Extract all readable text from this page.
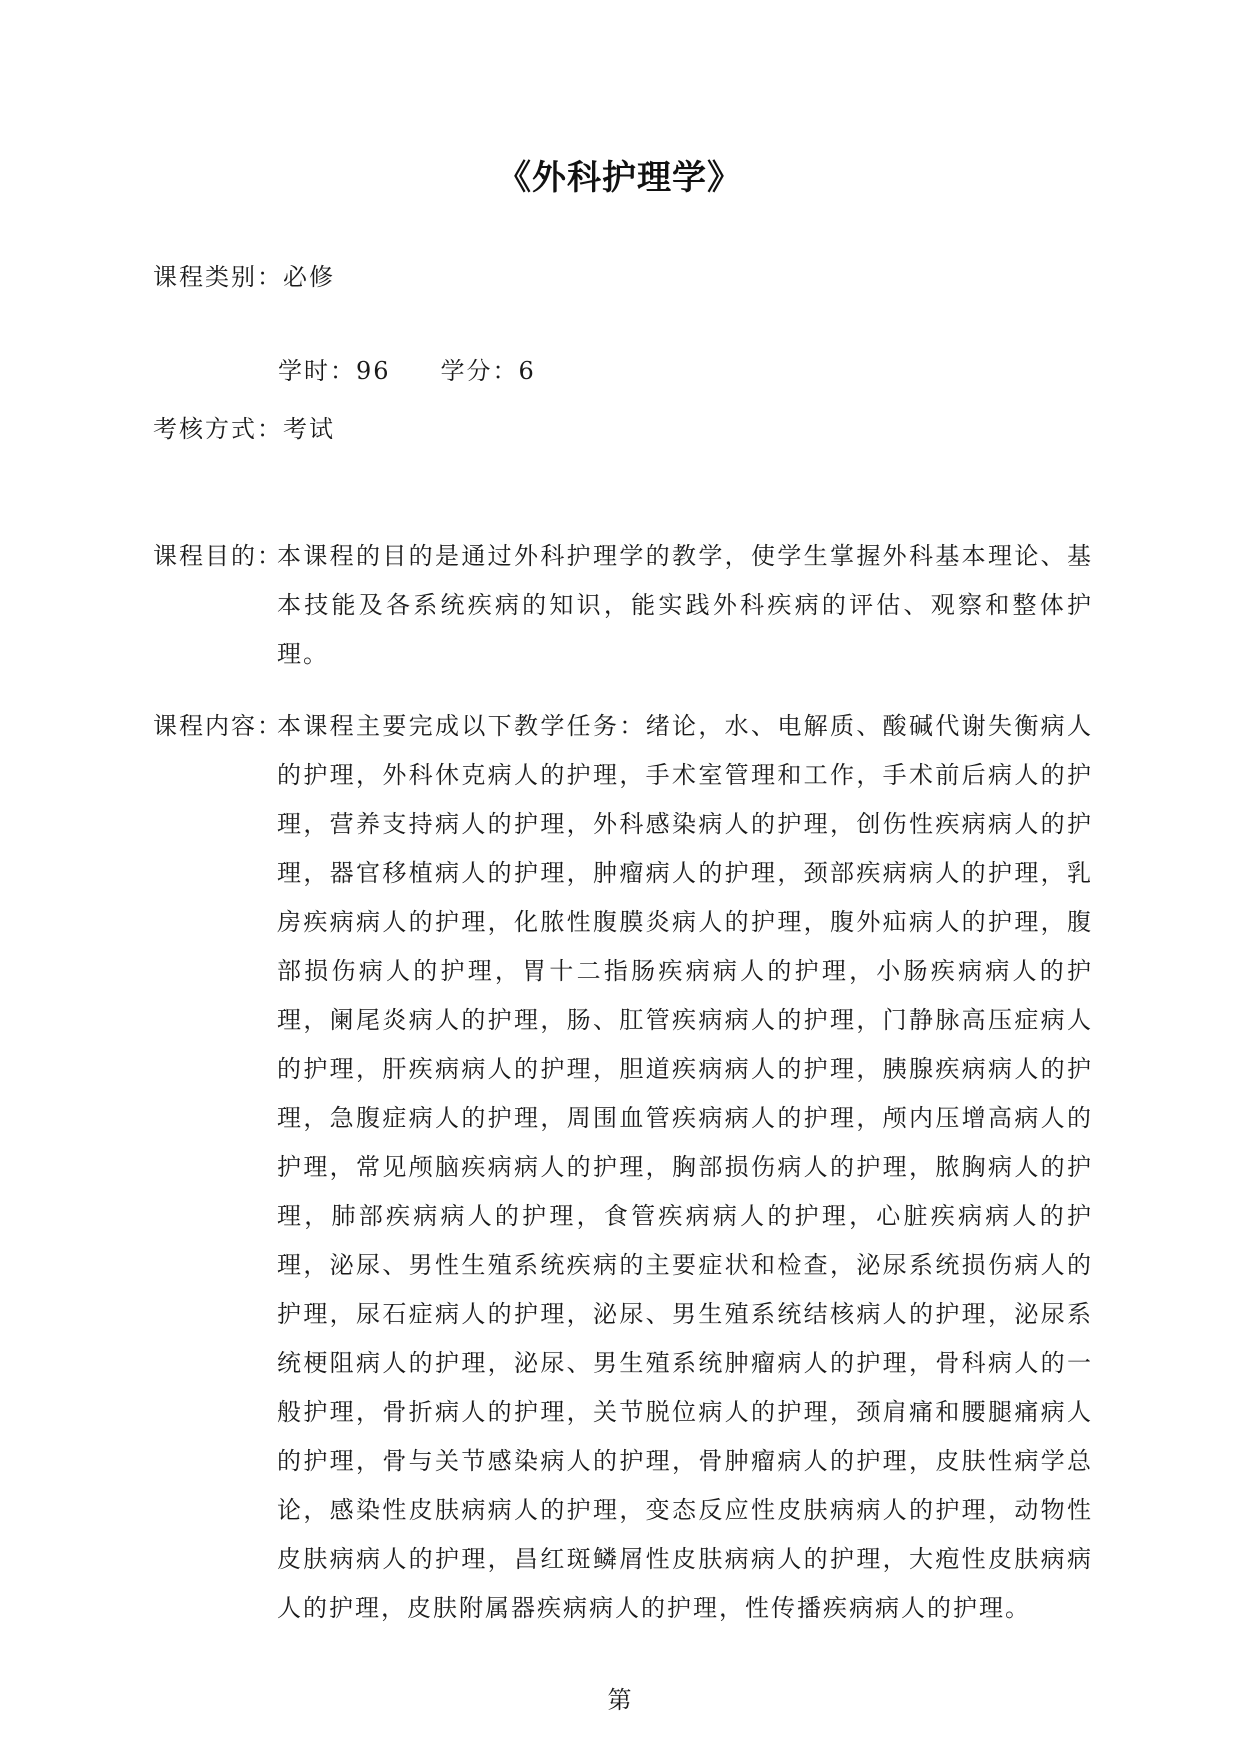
《外科护理学》
课程类别：必修
学时：96 学分：6
考核方式：考试
课程目的：
本课程的目的是通过外科护理学的教学，使学生掌握外科基本理论、基本技能及各系统疾病的知识，能实践外科疾病的评估、观察和整体护理。
课程内容：
本课程主要完成以下教学任务：绪论，水、电解质、酸碱代谢失衡病人的护理，外科休克病人的护理，手术室管理和工作，手术前后病人的护理，营养支持病人的护理，外科感染病人的护理，创伤性疾病病人的护理，器官移植病人的护理，肿瘤病人的护理，颈部疾病病人的护理，乳房疾病病人的护理，化脓性腹膜炎病人的护理，腹外疝病人的护理，腹部损伤病人的护理，胃十二指肠疾病病人的护理，小肠疾病病人的护理，阑尾炎病人的护理，肠、肛管疾病病人的护理，门静脉高压症病人的护理，肝疾病病人的护理，胆道疾病病人的护理，胰腺疾病病人的护理，急腹症病人的护理，周围血管疾病病人的护理，颅内压增高病人的护理，常见颅脑疾病病人的护理，胸部损伤病人的护理，脓胸病人的护理，肺部疾病病人的护理，食管疾病病人的护理，心脏疾病病人的护理，泌尿、男性生殖系统疾病的主要症状和检查，泌尿系统损伤病人的护理，尿石症病人的护理，泌尿、男生殖系统结核病人的护理，泌尿系统梗阻病人的护理，泌尿、男生殖系统肿瘤病人的护理，骨科病人的一般护理，骨折病人的护理，关节脱位病人的护理，颈肩痛和腰腿痛病人的护理，骨与关节感染病人的护理，骨肿瘤病人的护理，皮肤性病学总论，感染性皮肤病病人的护理，变态反应性皮肤病病人的护理，动物性皮肤病病人的护理，昌红斑鳞屑性皮肤病病人的护理，大疱性皮肤病病人的护理，皮肤附属器疾病病人的护理，性传播疾病病人的护理。
第
